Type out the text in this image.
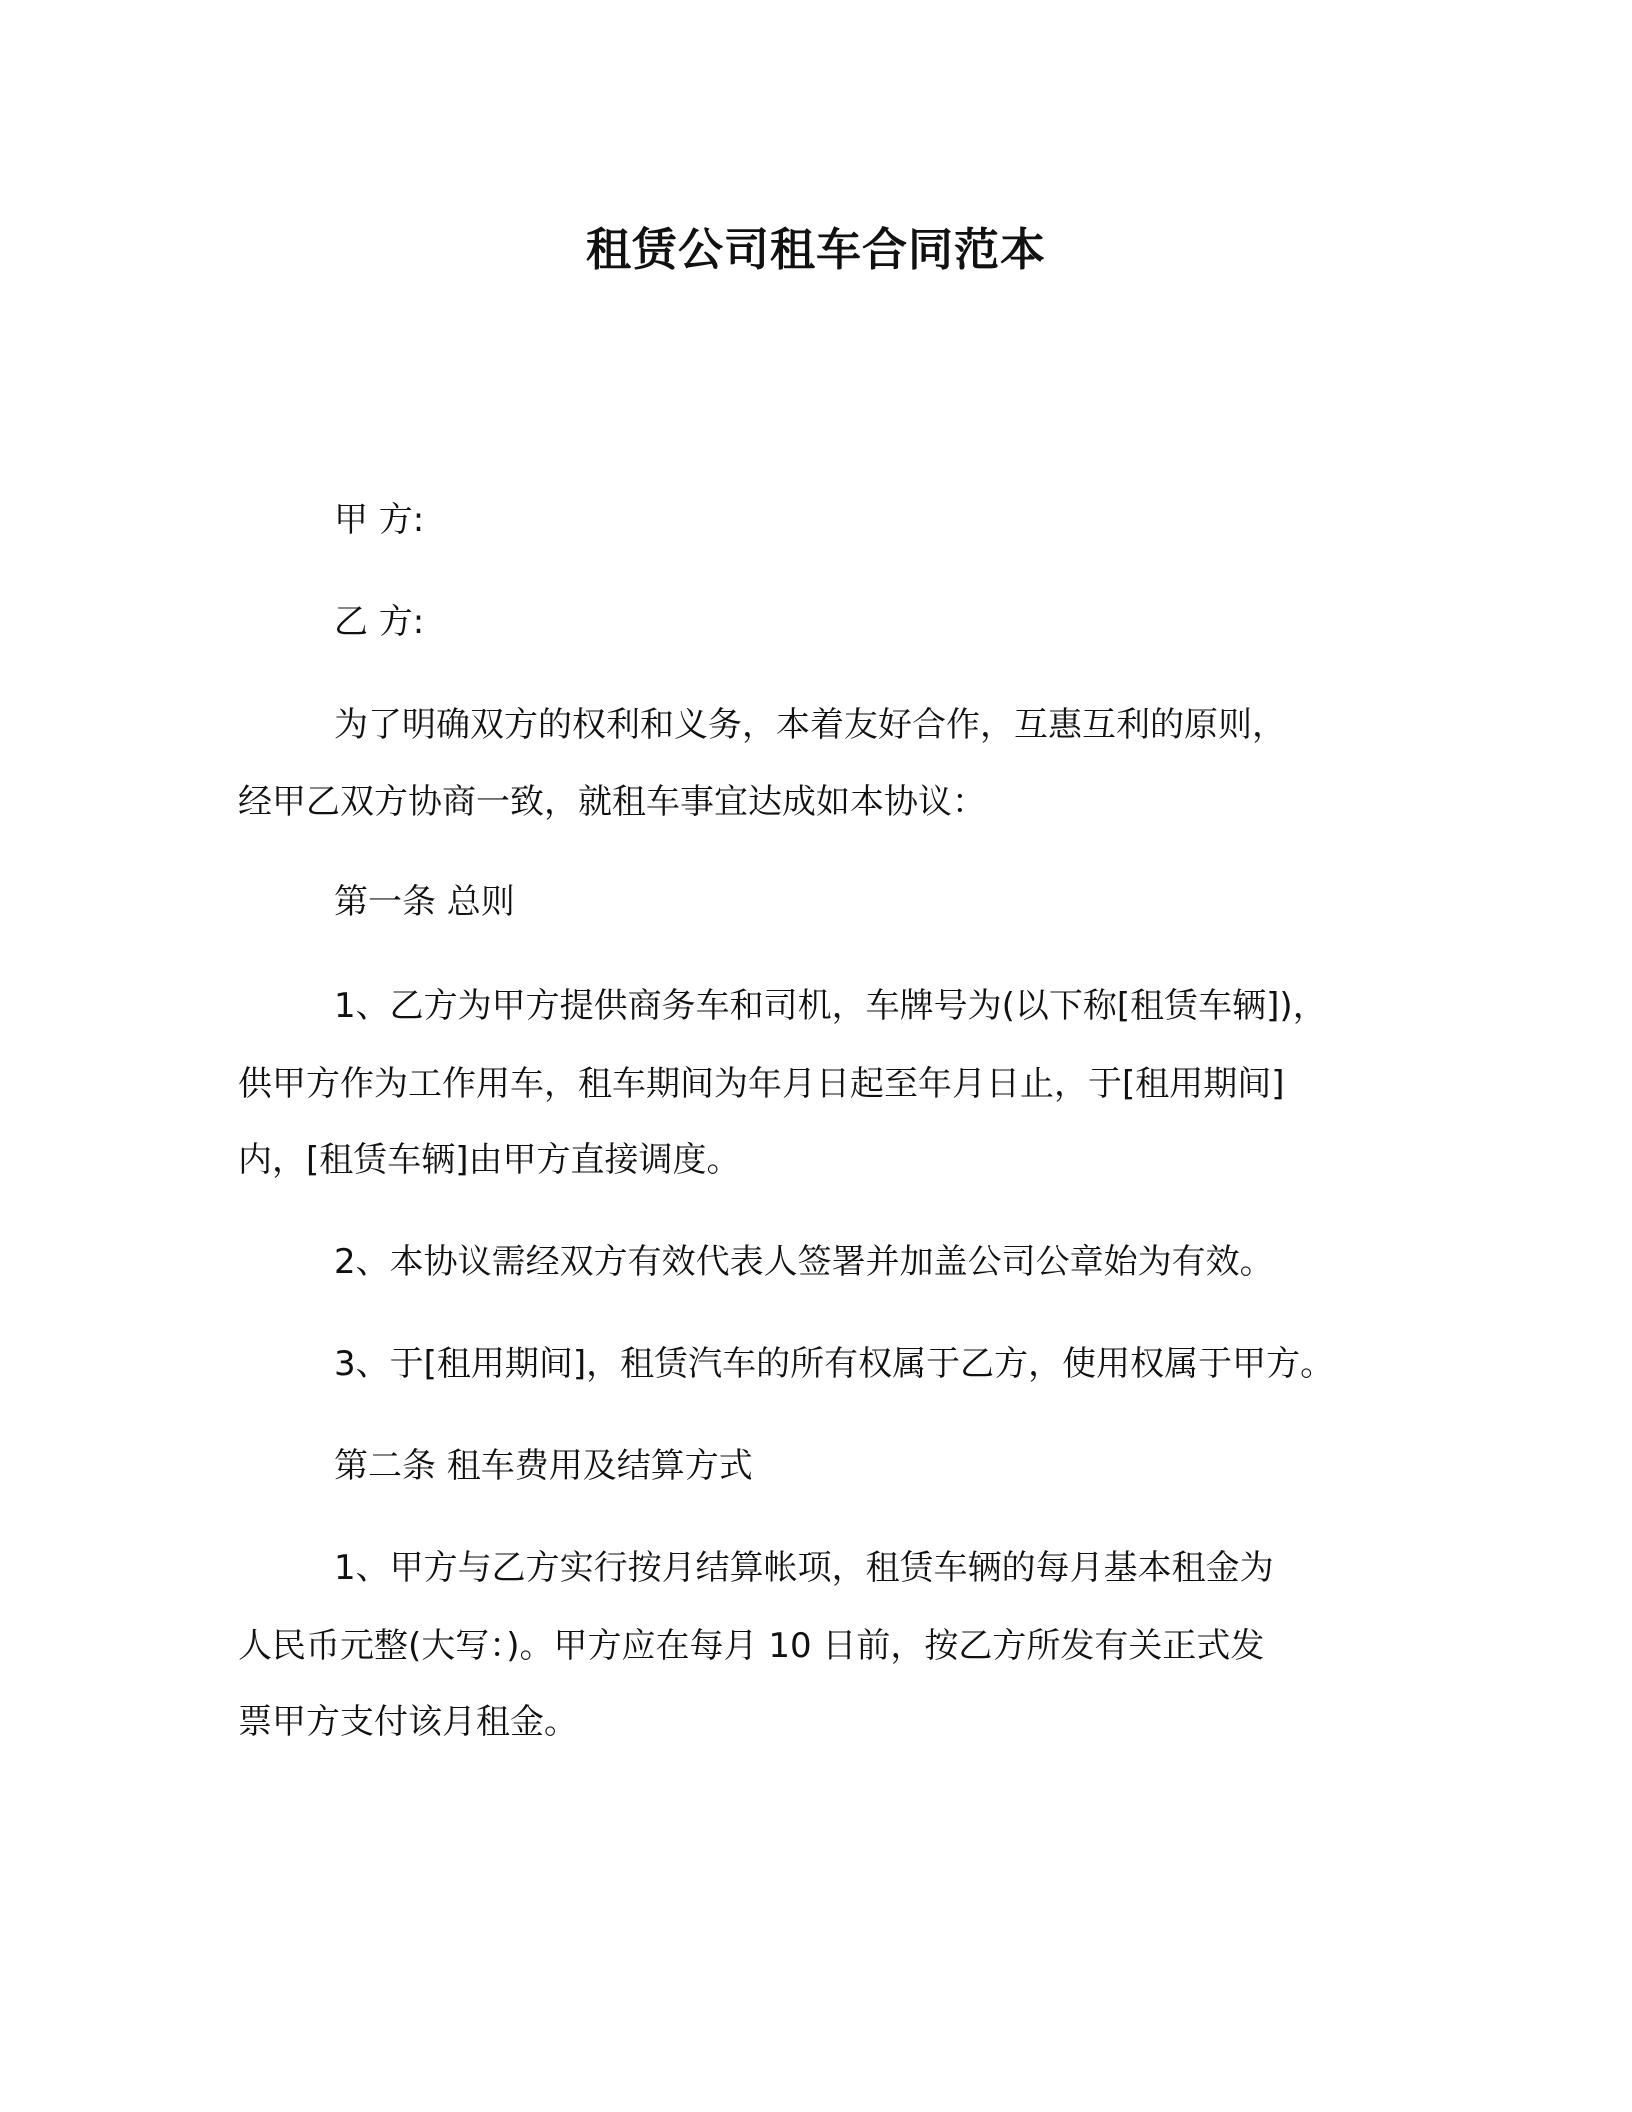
租赁公司租车合同范本
甲 方:
乙 方:
为了明确双方的权利和义务，本着友好合作，互惠互利的原则，
经甲乙双方协商一致，就租车事宜达成如本协议：
第一条 总则
1、乙方为甲方提供商务车和司机，车牌号为(以下称[租赁车辆])，
供甲方作为工作用车，租车期间为年月日起至年月日止，于[租用期间]
内，[租赁车辆]由甲方直接调度。
2、本协议需经双方有效代表人签署并加盖公司公章始为有效。
3、于[租用期间]，租赁汽车的所有权属于乙方，使用权属于甲方。
第二条 租车费用及结算方式
1、甲方与乙方实行按月结算帐项，租赁车辆的每月基本租金为
人民币元整(大写：)。甲方应在每月 10 日前，按乙方所发有关正式发
票甲方支付该月租金。
